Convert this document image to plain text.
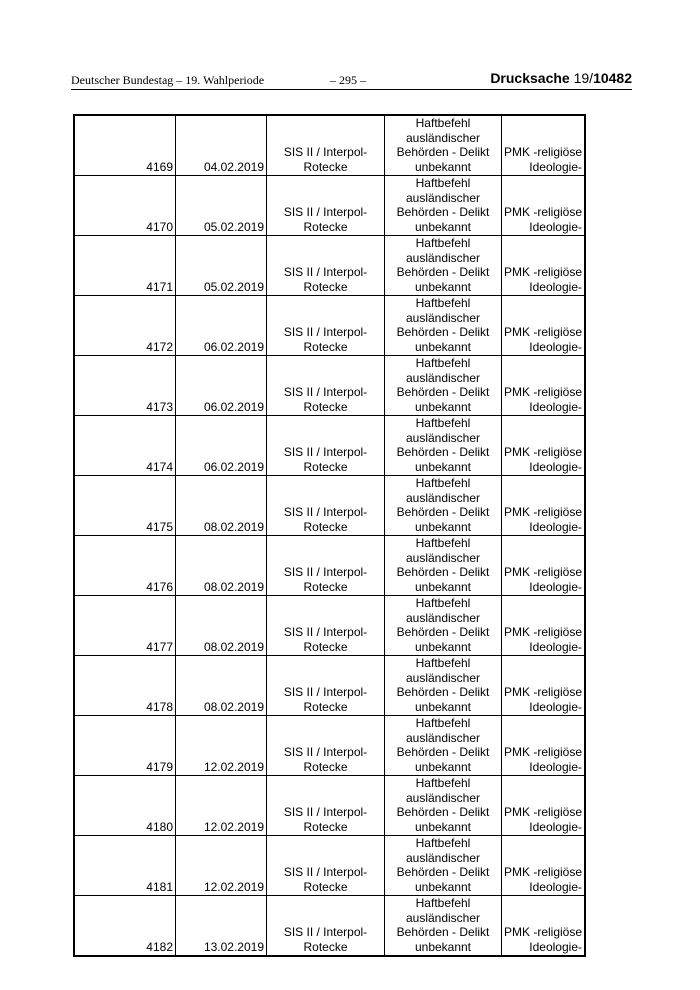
Deutscher Bundestag – 19. Wahlperiode	– 295 –	Drucksache 19/10482
4169	04.02.2019	SIS II / Interpol-
Rotecke	Haftbefehl
ausländischer
Behörden - Delikt
unbekannt	PMK -religiöse
Ideologie-
4170	05.02.2019	SIS II / Interpol-
Rotecke	Haftbefehl
ausländischer
Behörden - Delikt
unbekannt	PMK -religiöse
Ideologie-
4171	05.02.2019	SIS II / Interpol-
Rotecke	Haftbefehl
ausländischer
Behörden - Delikt
unbekannt	PMK -religiöse
Ideologie-
4172	06.02.2019	SIS II / Interpol-
Rotecke	Haftbefehl
ausländischer
Behörden - Delikt
unbekannt	PMK -religiöse
Ideologie-
4173	06.02.2019	SIS II / Interpol-
Rotecke	Haftbefehl
ausländischer
Behörden - Delikt
unbekannt	PMK -religiöse
Ideologie-
4174	06.02.2019	SIS II / Interpol-
Rotecke	Haftbefehl
ausländischer
Behörden - Delikt
unbekannt	PMK -religiöse
Ideologie-
4175	08.02.2019	SIS II / Interpol-
Rotecke	Haftbefehl
ausländischer
Behörden - Delikt
unbekannt	PMK -religiöse
Ideologie-
4176	08.02.2019	SIS II / Interpol-
Rotecke	Haftbefehl
ausländischer
Behörden - Delikt
unbekannt	PMK -religiöse
Ideologie-
4177	08.02.2019	SIS II / Interpol-
Rotecke	Haftbefehl
ausländischer
Behörden - Delikt
unbekannt	PMK -religiöse
Ideologie-
4178	08.02.2019	SIS II / Interpol-
Rotecke	Haftbefehl
ausländischer
Behörden - Delikt
unbekannt	PMK -religiöse
Ideologie-
4179	12.02.2019	SIS II / Interpol-
Rotecke	Haftbefehl
ausländischer
Behörden - Delikt
unbekannt	PMK -religiöse
Ideologie-
4180	12.02.2019	SIS II / Interpol-
Rotecke	Haftbefehl
ausländischer
Behörden - Delikt
unbekannt	PMK -religiöse
Ideologie-
4181	12.02.2019	SIS II / Interpol-
Rotecke	Haftbefehl
ausländischer
Behörden - Delikt
unbekannt	PMK -religiöse
Ideologie-
4182	13.02.2019	SIS II / Interpol-
Rotecke	Haftbefehl
ausländischer
Behörden - Delikt
unbekannt	PMK -religiöse
Ideologie-
